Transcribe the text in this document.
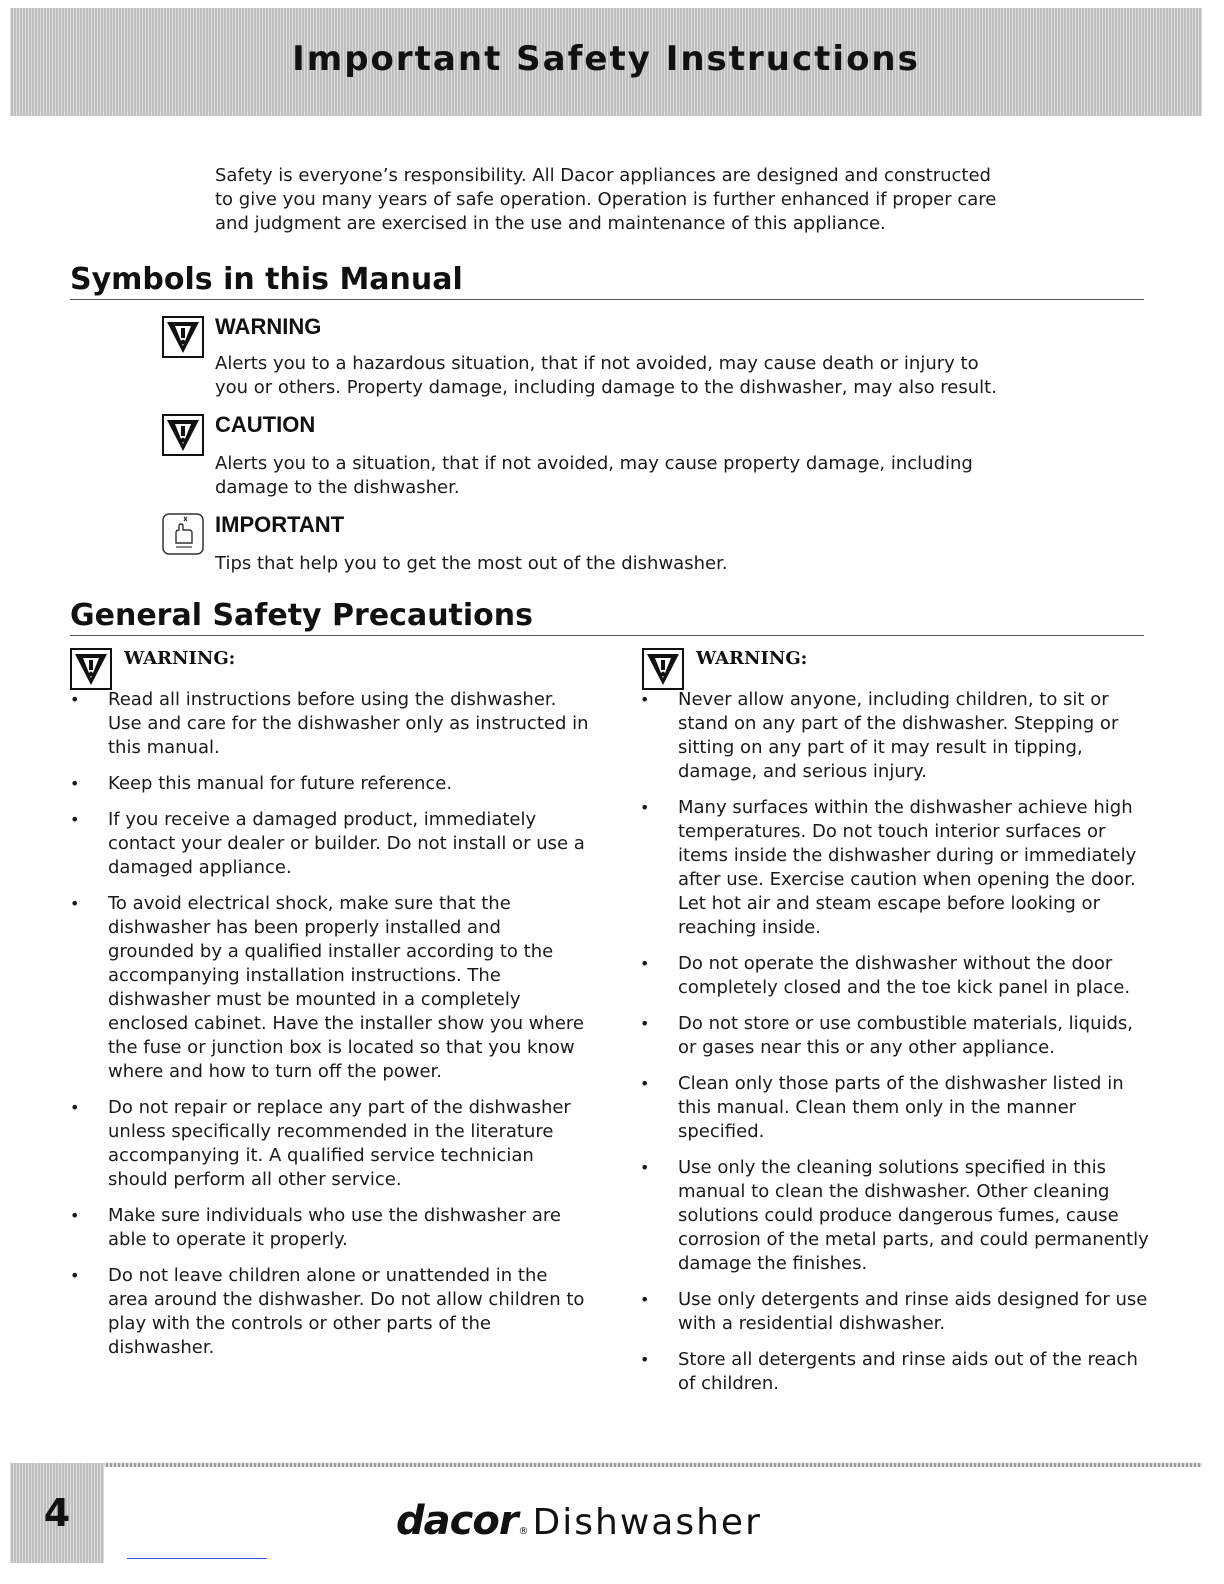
Important Safety Instructions
Safety is everyone’s responsibility. All Dacor appliances are designed and constructed to give you many years of safe operation. Operation is further enhanced if proper care and judgment are exercised in the use and maintenance of this appliance.
Symbols in this Manual
WARNING
Alerts you to a hazardous situation, that if not avoided, may cause death or injury to you or others. Property damage, including damage to the dishwasher, may also result.
CAUTION
Alerts you to a situation, that if not avoided, may cause property damage, including damage to the dishwasher.
IMPORTANT
Tips that help you to get the most out of the dishwasher.
General Safety Precautions
WARNING:
• Read all instructions before using the dishwasher. Use and care for the dishwasher only as instructed in this manual.
• Keep this manual for future reference.
• If you receive a damaged product, immediately contact your dealer or builder. Do not install or use a damaged appliance.
• To avoid electrical shock, make sure that the dishwasher has been properly installed and grounded by a qualified installer according to the accompanying installation instructions. The dishwasher must be mounted in a completely enclosed cabinet. Have the installer show you where the fuse or junction box is located so that you know where and how to turn off the power.
• Do not repair or replace any part of the dishwasher unless specifically recommended in the literature accompanying it. A qualified service technician should perform all other service.
• Make sure individuals who use the dishwasher are able to operate it properly.
• Do not leave children alone or unattended in the area around the dishwasher. Do not allow children to play with the controls or other parts of the dishwasher.
WARNING:
• Never allow anyone, including children, to sit or stand on any part of the dishwasher. Stepping or sitting on any part of it may result in tipping, damage, and serious injury.
• Many surfaces within the dishwasher achieve high temperatures. Do not touch interior surfaces or items inside the dishwasher during or immediately after use. Exercise caution when opening the door. Let hot air and steam escape before looking or reaching inside.
• Do not operate the dishwasher without the door completely closed and the toe kick panel in place.
• Do not store or use combustible materials, liquids, or gases near this or any other appliance.
• Clean only those parts of the dishwasher listed in this manual. Clean them only in the manner specified.
• Use only the cleaning solutions specified in this manual to clean the dishwasher. Other cleaning solutions could produce dangerous fumes, cause corrosion of the metal parts, and could permanently damage the finishes.
• Use only detergents and rinse aids designed for use with a residential dishwasher.
• Store all detergents and rinse aids out of the reach of children.
4	dacor ® Dishwasher
